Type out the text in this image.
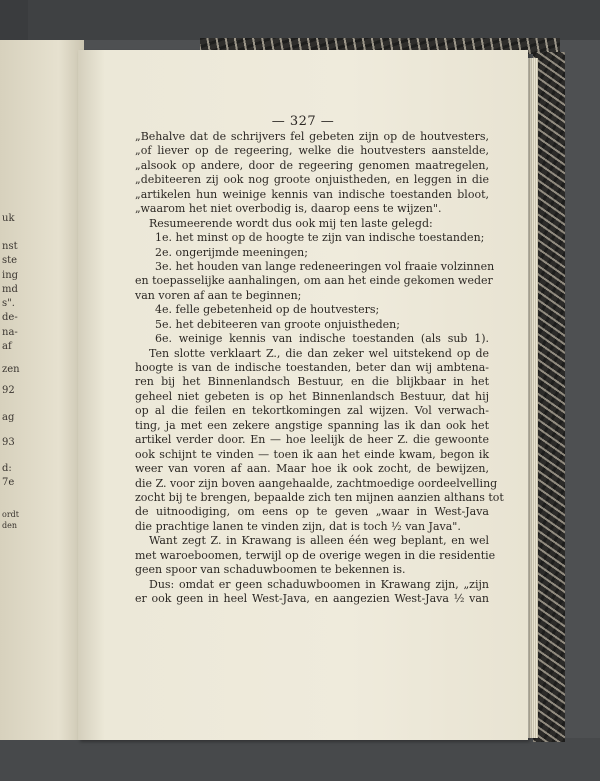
uk
nst
ste
ing
md
s".
de-
na-
af
zen
92
ag
93
d:
7e
ordt
den
— 327 —
„Behalve dat de schrijvers fel gebeten zijn op de houtvesters,
„of liever op de regeering, welke die houtvesters aanstelde,
„alsook op andere, door de regeering genomen maatregelen,
„debiteeren zij ook nog groote onjuistheden, en leggen in die
„artikelen hun weinige kennis van indische toestanden bloot,
„waarom het niet overbodig is, daarop eens te wijzen".
Resumeerende wordt dus ook mij ten laste gelegd:
1e. het minst op de hoogte te zijn van indische toestanden;
2e. ongerijmde meeningen;
3e. het houden van lange redeneeringen vol fraaie volzinnen
en toepasselijke aanhalingen, om aan het einde gekomen weder
van voren af aan te beginnen;
4e. felle gebetenheid op de houtvesters;
5e. het debiteeren van groote onjuistheden;
6e. weinige kennis van indische toestanden (als sub 1).
Ten slotte verklaart Z., die dan zeker wel uitstekend op de
hoogte is van de indische toestanden, beter dan wij ambtena-
ren bij het Binnenlandsch Bestuur, en die blijkbaar in het
geheel niet gebeten is op het Binnenlandsch Bestuur, dat hij
op al die feilen en tekortkomingen zal wijzen. Vol verwach-
ting, ja met een zekere angstige spanning las ik dan ook het
artikel verder door. En — hoe leelijk de heer Z. die gewoonte
ook schijnt te vinden — toen ik aan het einde kwam, begon ik
weer van voren af aan. Maar hoe ik ook zocht, de bewijzen,
die Z. voor zijn boven aangehaalde, zachtmoedige oordeelvelling
zocht bij te brengen, bepaalde zich ten mijnen aanzien althans tot
de uitnoodiging, om eens op te geven „waar in West-Java
die prachtige lanen te vinden zijn, dat is toch ½ van Java".
Want zegt Z. in Krawang is alleen één weg beplant, en wel
met waroeboomen, terwijl op de overige wegen in die residentie
geen spoor van schaduwboomen te bekennen is.
Dus: omdat er geen schaduwboomen in Krawang zijn, „zijn
er ook geen in heel West-Java, en aangezien West-Java ½ van
